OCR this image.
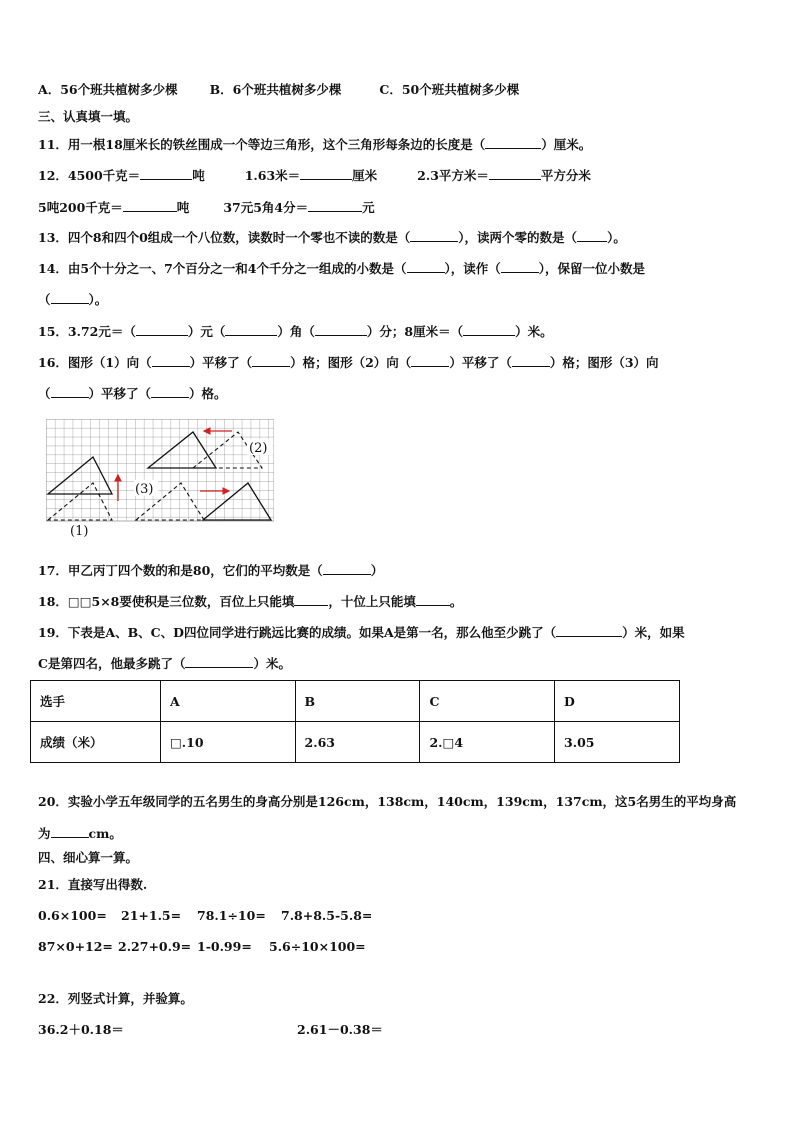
A．56个班共植树多少棵	B．6个班共植树多少棵	C．50个班共植树多少棵
三、认真填一填。
11．用一根18厘米长的铁丝围成一个等边三角形，这个三角形每条边的长度是（	）厘米。
12．4500千克＝	吨	1.63米＝	厘米	2.3平方米＝	平方分米
5吨200千克＝	吨	37元5角4分＝	元
13．四个8和四个0组成一个八位数，读数时一个零也不读的数是（	），读两个零的数是（ ）。
14．由5个十分之一、7个百分之一和4个千分之一组成的小数是（	），读作（	），保留一位小数是
（	）。
15．3.72元＝（	）元（	）角（	）分；8厘米＝（	）米。
16．图形（1）向（	）平移了（	）格；图形（2）向（	）平移了（	）格；图形（3）向
（	）平移了（	）格。
(2)
(3)
(1)
17．甲乙丙丁四个数的和是80，它们的平均数是（	）
18．□□5×8要使积是三位数，百位上只能填	，十位上只能填	。
19．下表是A、B、C、D四位同学进行跳远比赛的成绩。如果A是第一名，那么他至少跳了（	）米，如果
C是第四名，他最多跳了（	）米。
选手	A	B	C	D
成绩（米）	□.10	2.63	2.□4	3.05
20．实验小学五年级同学的五名男生的身高分别是126cm，138cm，140cm，139cm，137cm，这5名男生的平均身高
为	cm。
四、细心算一算。
21．直接写出得数.
0.6×100= 21+1.5= 78.1÷10= 7.8+8.5-5.8=
87×0+12= 2.27+0.9= 1-0.99= 5.6÷10×100=
22．列竖式计算，并验算。
36.2＋0.18＝	2.61－0.38＝
